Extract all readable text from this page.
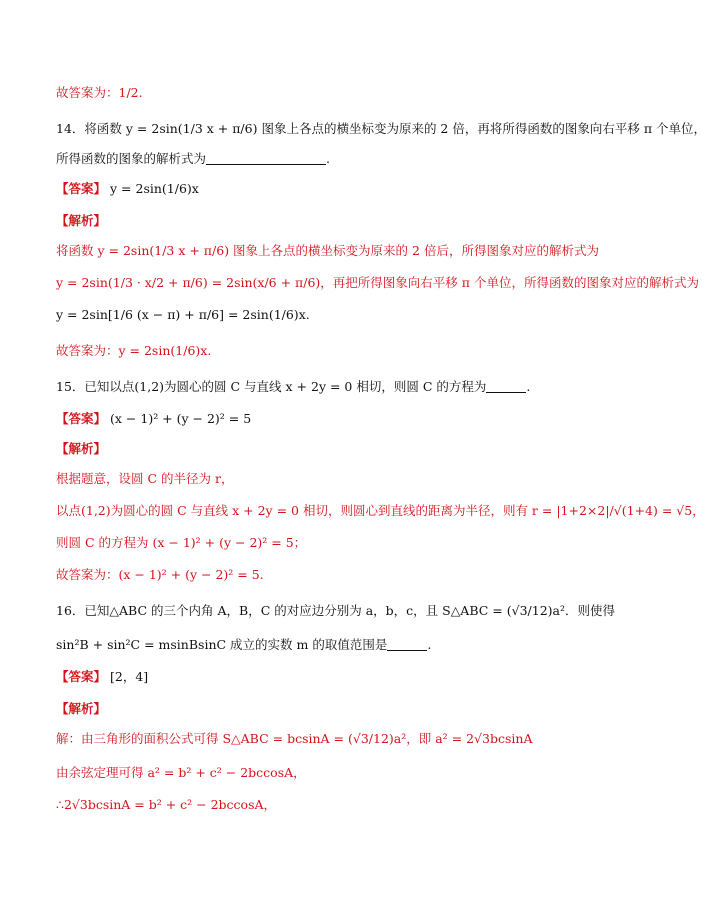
故答案为：1/2.
14．将函数 y = 2sin(1/3 x + π/6) 图象上各点的横坐标变为原来的 2 倍，再将所得函数的图象向右平移 π 个单位，
所得函数的图象的解析式为	.
【答案】 y = 2sin(1/6)x
【解析】
将函数 y = 2sin(1/3 x + π/6) 图象上各点的横坐标变为原来的 2 倍后，所得图象对应的解析式为
y = 2sin(1/3 · x/2 + π/6) = 2sin(x/6 + π/6)，再把所得图象向右平移 π 个单位，所得函数的图象对应的解析式为
y = 2sin[1/6 (x − π) + π/6] = 2sin(1/6)x.
故答案为：y = 2sin(1/6)x.
15．已知以点(1,2)为圆心的圆 C 与直线 x + 2y = 0 相切，则圆 C 的方程为	.
【答案】 (x − 1)² + (y − 2)² = 5
【解析】
根据题意，设圆 C 的半径为 r，
以点(1,2)为圆心的圆 C 与直线 x + 2y = 0 相切，则圆心到直线的距离为半径，则有 r = |1+2×2|/√(1+4) = √5，
则圆 C 的方程为 (x − 1)² + (y − 2)² = 5；
故答案为：(x − 1)² + (y − 2)² = 5.
16．已知△ABC 的三个内角 A，B，C 的对应边分别为 a，b，c，且 S△ABC = (√3/12)a²．则使得
sin²B + sin²C = msinBsinC 成立的实数 m 的取值范围是	.
【答案】 [2，4]
【解析】
解：由三角形的面积公式可得 S△ABC = bcsinA = (√3/12)a²，即 a² = 2√3bcsinA
由余弦定理可得 a² = b² + c² − 2bccosA，
∴2√3bcsinA = b² + c² − 2bccosA，
